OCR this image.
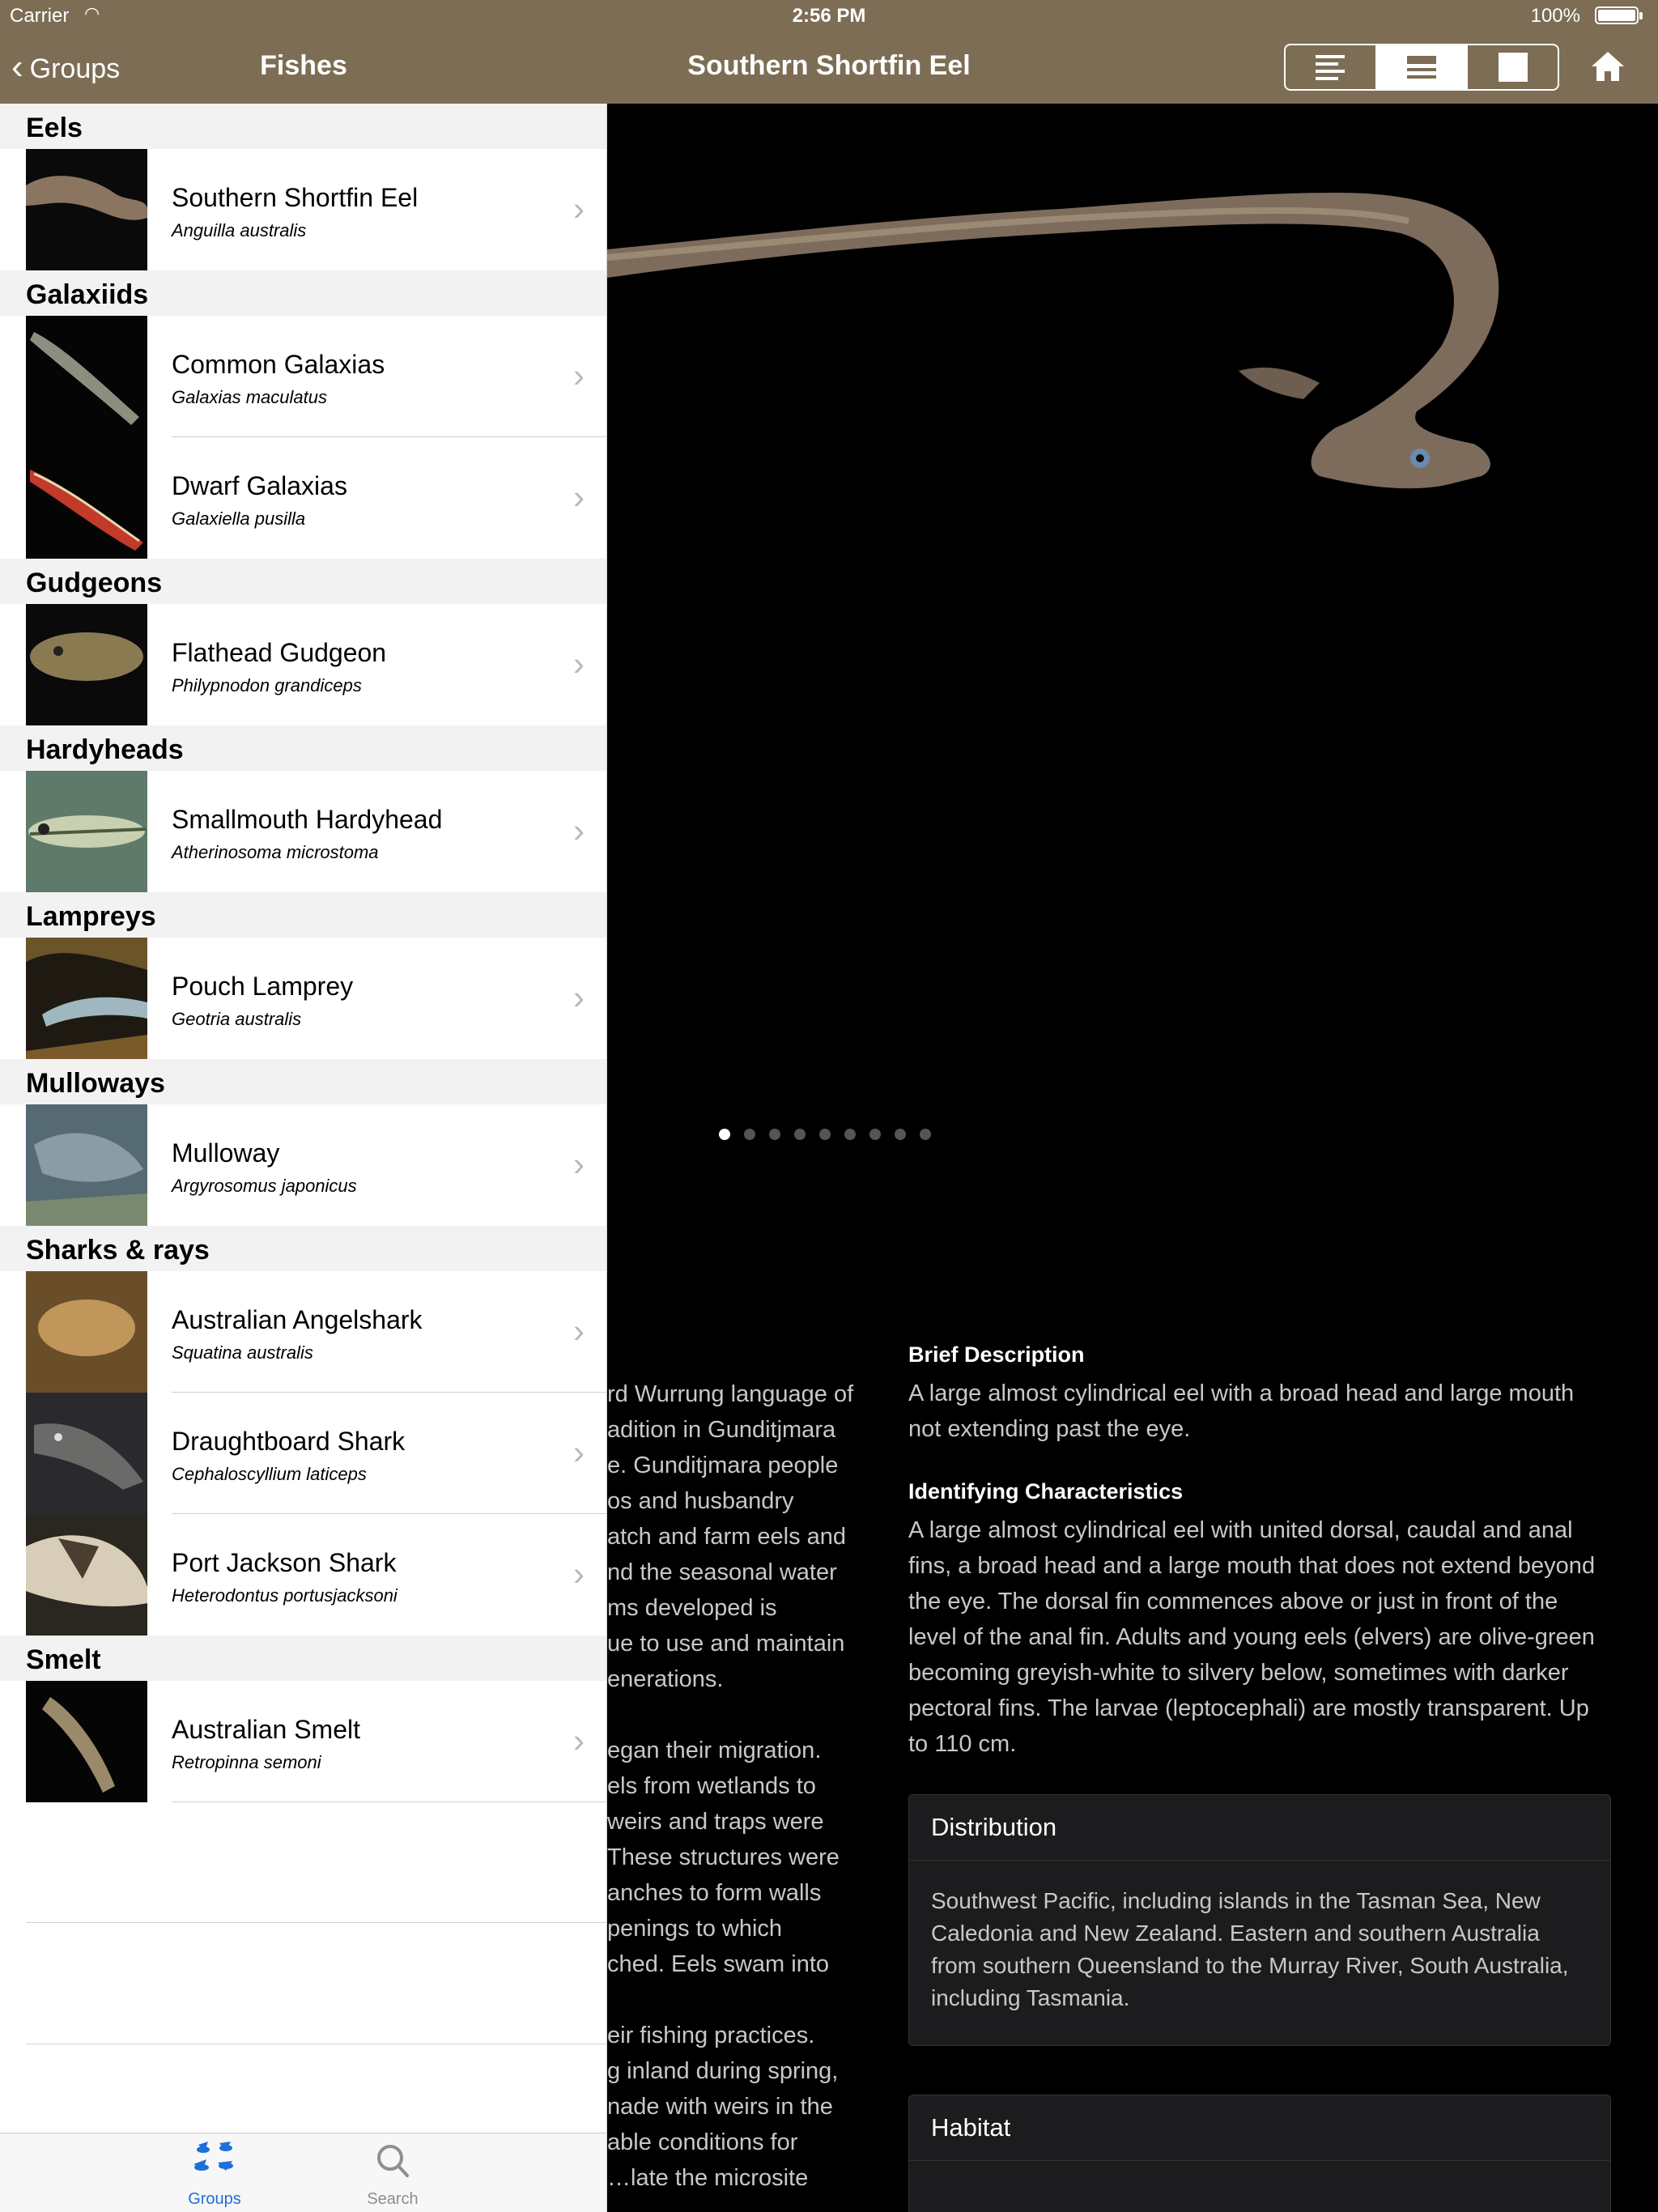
Carrier ◠	2:56 PM	100%
‹ Groups	Fishes	Southern Shortfin Eel
Eels
Southern Shortfin Eel
Anguilla australis
›
Galaxiids
Common Galaxias
Galaxias maculatus
›
Dwarf Galaxias
Galaxiella pusilla
›
Gudgeons
Flathead Gudgeon
Philypnodon grandiceps
›
Hardyheads
Smallmouth Hardyhead
Atherinosoma microstoma
›
Lampreys
Pouch Lamprey
Geotria australis
›
Mulloways
Mulloway
Argyrosomus japonicus
›
Sharks & rays
Australian Angelshark
Squatina australis
›
Draughtboard Shark
Cephaloscyllium laticeps
›
Port Jackson Shark
Heterodontus portusjacksoni
›
Smelt
Australian Smelt
Retropinna semoni
›
Groups	Search

rd Wurrung language of
adition in Gunditjmara
e. Gunditjmara people
os and husbandry
atch and farm eels and
nd the seasonal water
ms developed is
ue to use and maintain
enerations.

egan their migration.
els from wetlands to
weirs and traps were
These structures were
anches to form walls
penings to which
ched. Eels swam into

eir fishing practices.
g inland during spring,
nade with weirs in the
able conditions for
…late the microsite

Brief Description
A large almost cylindrical eel with a broad head and large mouth not extending past the eye.
Identifying Characteristics
A large almost cylindrical eel with united dorsal, caudal and anal fins, a broad head and a large mouth that does not extend beyond the eye. The dorsal fin commences above or just in front of the level of the anal fin. Adults and young eels (elvers) are olive-green becoming greyish-white to silvery below, sometimes with darker pectoral fins. The larvae (leptocephali) are mostly transparent. Up to 110 cm.
Distribution
Southwest Pacific, including islands in the Tasman Sea, New Caledonia and New Zealand. Eastern and southern Australia from southern Queensland to the Murray River, South Australia, including Tasmania.
Habitat
